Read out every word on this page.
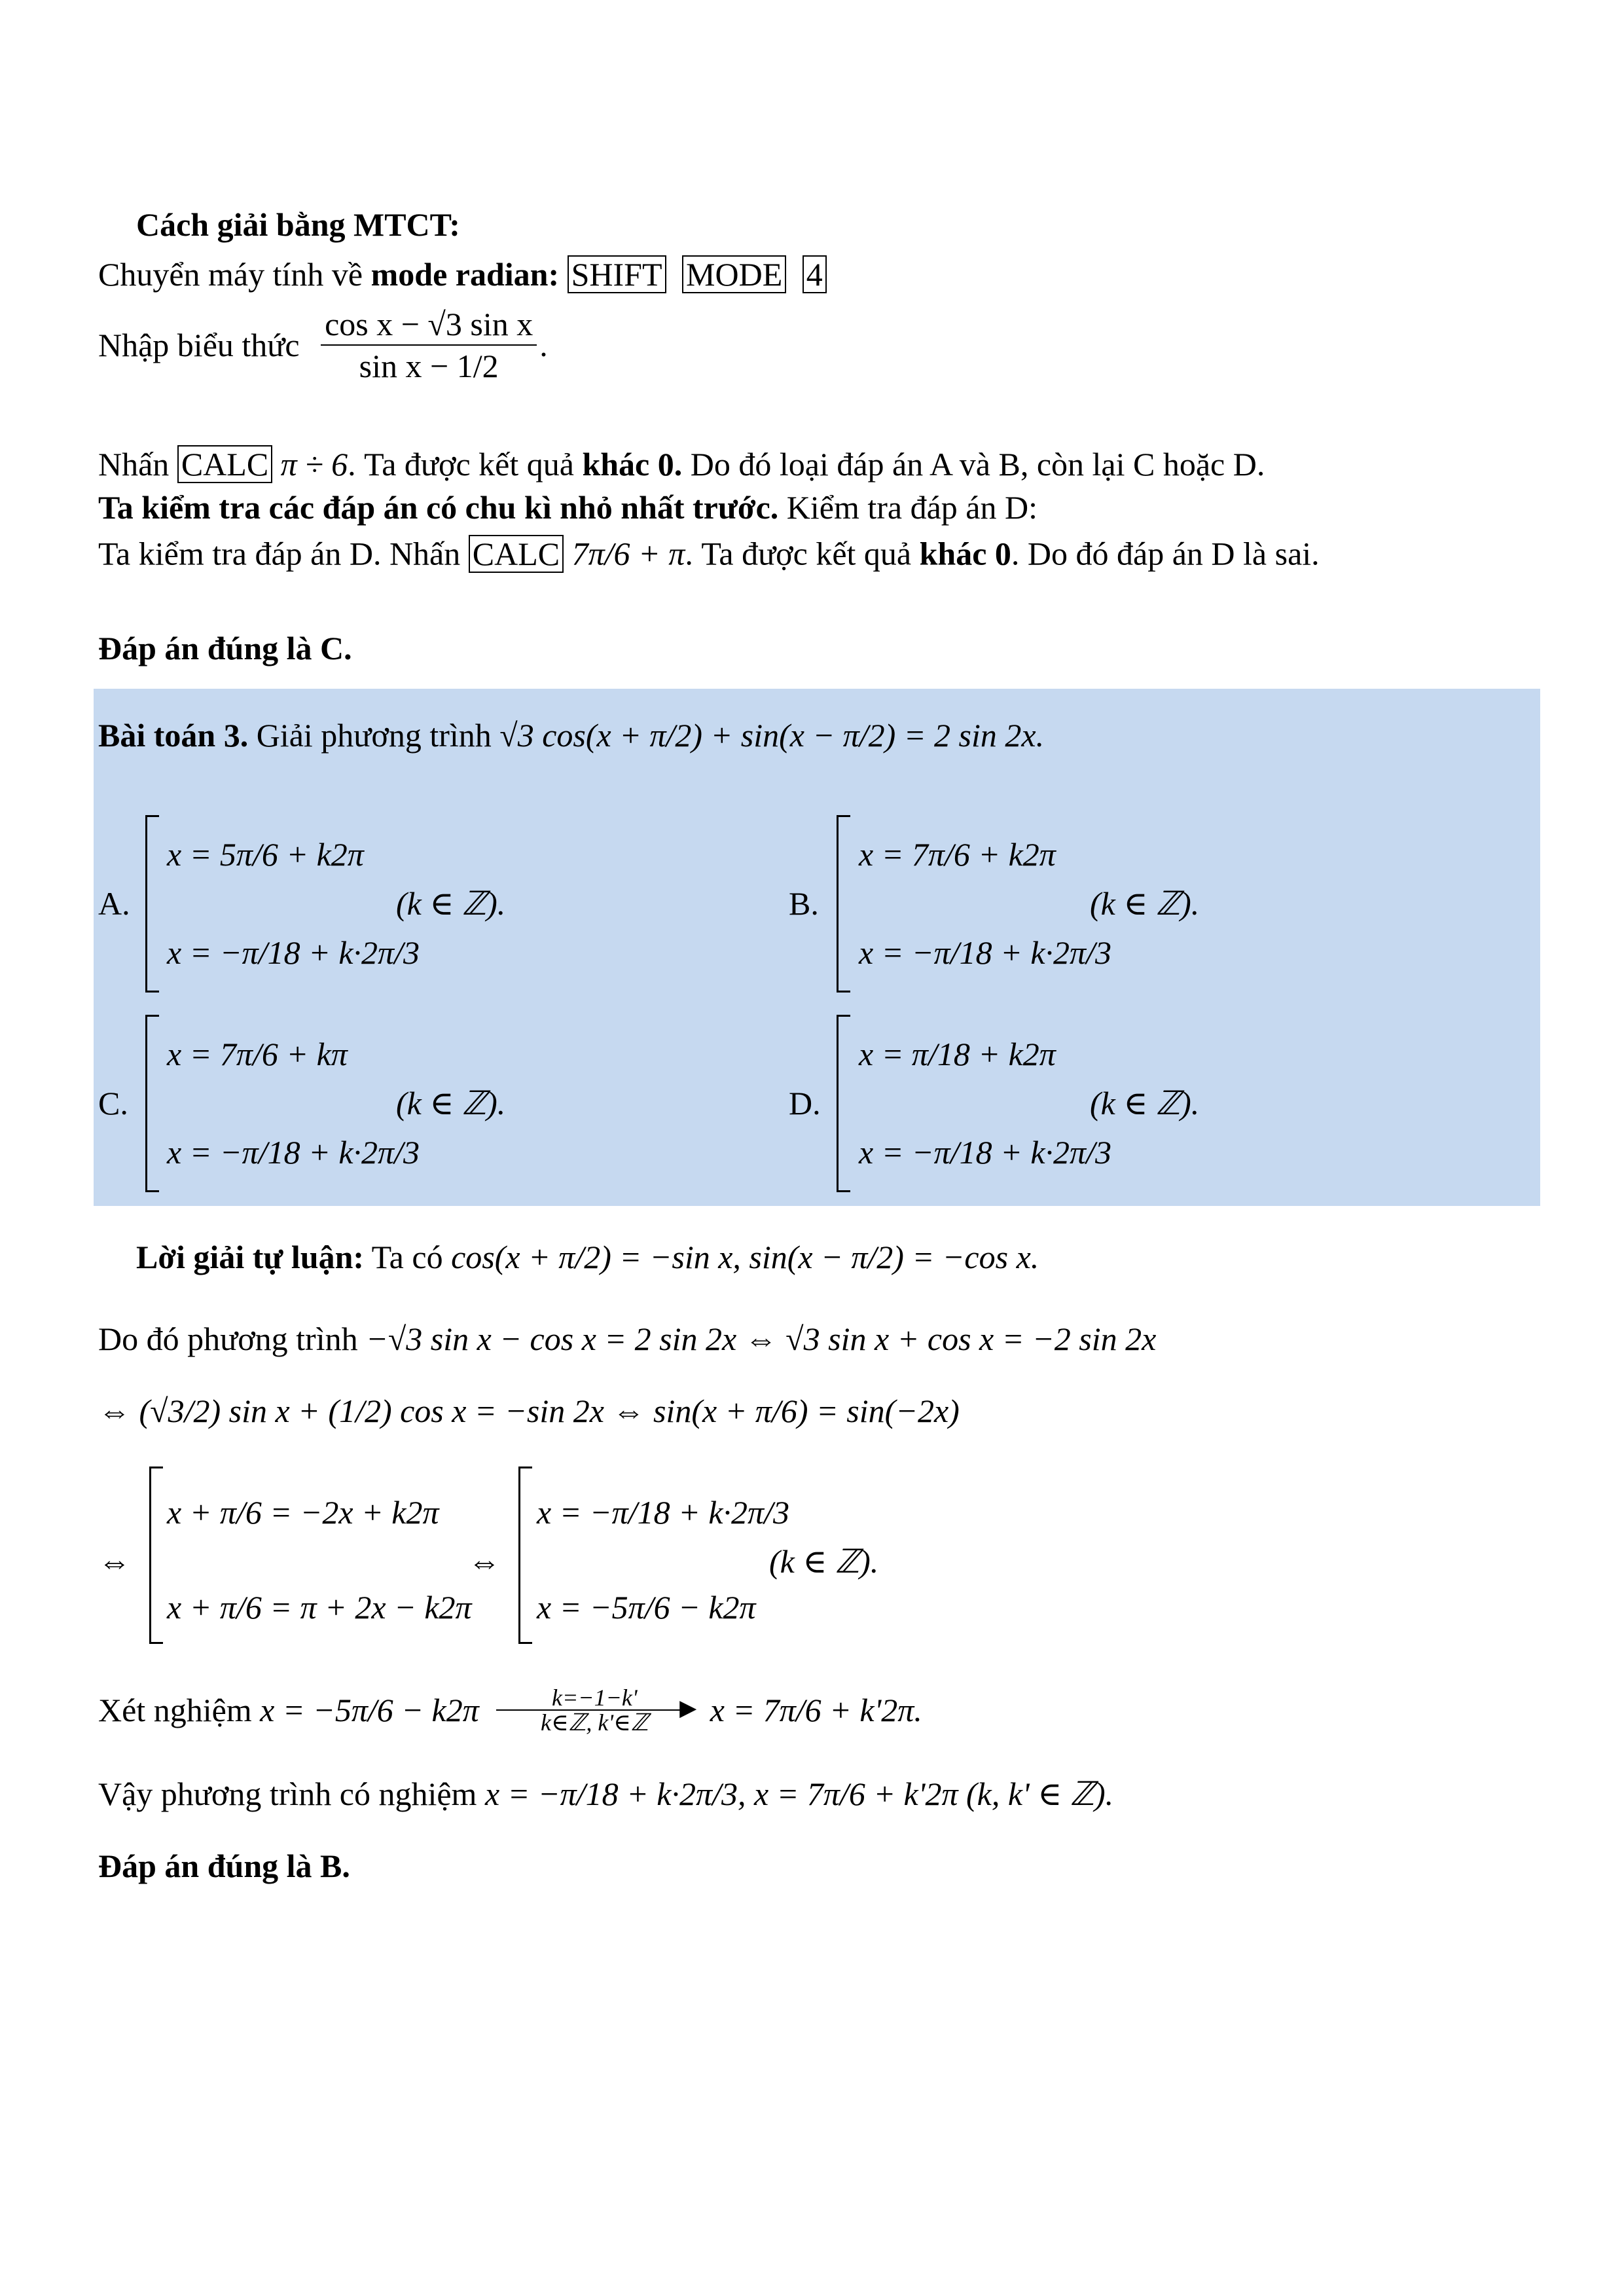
Cách giải bằng MTCT:
Chuyển máy tính về mode radian: SHIFT MODE 4
Nhập biểu thức $\frac{\text{cos x − √3 sin x}}{\text{sin x − 1/2}}$ .
Nhấn CALC π ÷ 6. Ta được kết quả khác 0. Do đó loại đáp án A và B, còn lại C hoặc D.
Ta kiểm tra các đáp án có chu kì nhỏ nhất trước. Kiểm tra đáp án D:
Ta kiểm tra đáp án D. Nhấn CALC 7π/6 + π. Ta được kết quả khác 0. Do đó đáp án D là sai.
Đáp án đúng là C.
Bài toán 3. Giải phương trình √3 cos(x + π/2) + sin(x − π/2) = 2 sin 2x.
A.
x = 5π/6 + k2π
x = −π/18 + k·2π/3
(k ∈ ℤ).	B.
x = 7π/6 + k2π
x = −π/18 + k·2π/3
(k ∈ ℤ).
C.
x = 7π/6 + kπ
x = −π/18 + k·2π/3
(k ∈ ℤ).	D.
x = π/18 + k2π
x = −π/18 + k·2π/3
(k ∈ ℤ).
Lời giải tự luận: Ta có cos(x + π/2) = −sin x, sin(x − π/2) = −cos x.
Do đó phương trình −√3 sin x − cos x = 2 sin 2x ⇔ √3 sin x + cos x = −2 sin 2x
⇔ (√3/2) sin x + (1/2) cos x = −sin 2x ⇔ sin(x + π/6) = sin(−2x)
⇔
x + π/6 = −2x + k2π
x + π/6 = π + 2x − k2π
⇔
x = −π/18 + k·2π/3
x = −5π/6 − k2π
(k ∈ ℤ).
Xét nghiệm x = −5π/6 − k2π	k=−1−k' ▶
k∈ℤ, k'∈ℤ x = 7π/6 + k'2π.
Vậy phương trình có nghiệm x = −π/18 + k·2π/3, x = 7π/6 + k'2π (k, k' ∈ ℤ).
Đáp án đúng là B.
